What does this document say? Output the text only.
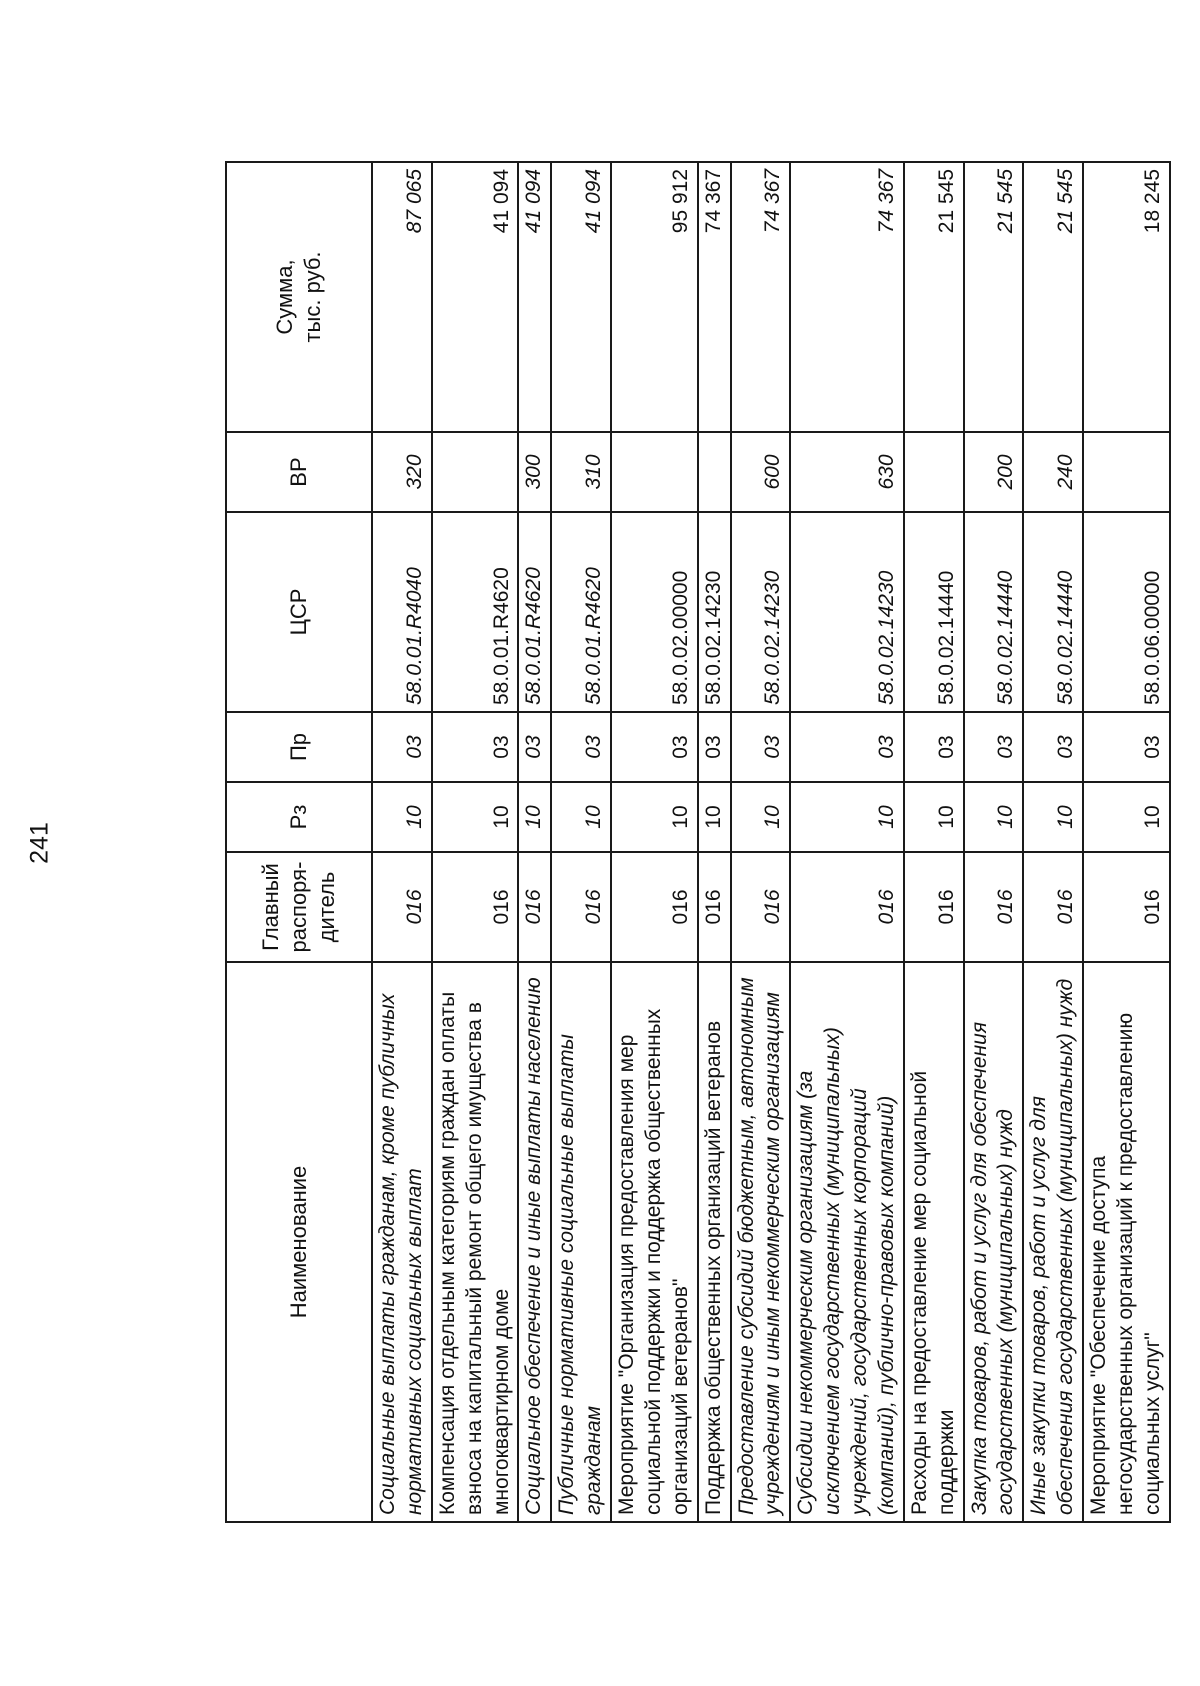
241
Наименование	Главный распоря- дитель	Рз	Пр	ЦСР	ВР	Сумма, тыс. руб.

Социальные выплаты гражданам, кроме публичных нормативных социальных выплат	016	10	03	58.0.01.R4040	320	87 065
Компенсация отдельным категориям граждан оплаты взноса на капитальный ремонт общего имущества в многоквартирном доме	016	10	03	58.0.01.R4620		41 094
Социальное обеспечение и иные выплаты населению	016	10	03	58.0.01.R4620	300	41 094
Публичные нормативные социальные выплаты гражданам	016	10	03	58.0.01.R4620	310	41 094
Мероприятие "Организация предоставления мер социальной поддержки и поддержка общественных организаций ветеранов"	016	10	03	58.0.02.00000		95 912
Поддержка общественных организаций ветеранов	016	10	03	58.0.02.14230		74 367
Предоставление субсидий бюджетным, автономным учреждениям и иным некоммерческим организациям	016	10	03	58.0.02.14230	600	74 367
Субсидии некоммерческим организациям (за исключением государственных (муниципальных) учреждений, государственных корпораций (компаний), публично-правовых компаний)	016	10	03	58.0.02.14230	630	74 367
Расходы на предоставление мер социальной поддержки	016	10	03	58.0.02.14440		21 545
Закупка товаров, работ и услуг для обеспечения государственных (муниципальных) нужд	016	10	03	58.0.02.14440	200	21 545
Иные закупки товаров, работ и услуг для обеспечения государственных (муниципальных) нужд	016	10	03	58.0.02.14440	240	21 545
Мероприятие "Обеспечение доступа негосударственных организаций к предоставлению социальных услуг"	016	10	03	58.0.06.00000		18 245
